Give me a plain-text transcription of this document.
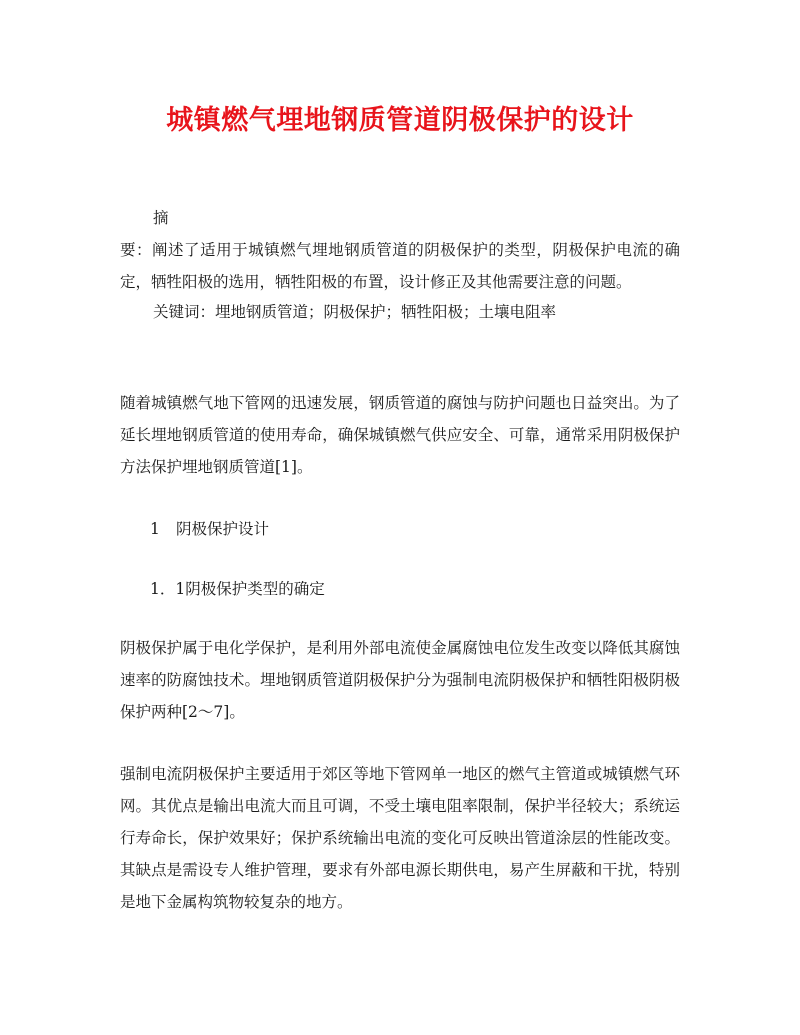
城镇燃气埋地钢质管道阴极保护的设计
摘
要：阐述了适用于城镇燃气埋地钢质管道的阴极保护的类型，阴极保护电流的确定，牺牲阳极的选用，牺牲阳极的布置，设计修正及其他需要注意的问题。
关键词：埋地钢质管道；阴极保护；牺牲阳极；土壤电阻率
随着城镇燃气地下管网的迅速发展，钢质管道的腐蚀与防护问题也日益突出。为了延长埋地钢质管道的使用寿命，确保城镇燃气供应安全、可靠，通常采用阴极保护方法保护埋地钢质管道[1]。
1 阴极保护设计
1．1阴极保护类型的确定
阴极保护属于电化学保护，是利用外部电流使金属腐蚀电位发生改变以降低其腐蚀速率的防腐蚀技术。埋地钢质管道阴极保护分为强制电流阴极保护和牺牲阳极阴极保护两种[2～7]。
强制电流阴极保护主要适用于郊区等地下管网单一地区的燃气主管道或城镇燃气环网。其优点是输出电流大而且可调，不受土壤电阻率限制，保护半径较大；系统运行寿命长，保护效果好；保护系统输出电流的变化可反映出管道涂层的性能改变。其缺点是需设专人维护管理，要求有外部电源长期供电，易产生屏蔽和干扰，特别是地下金属构筑物较复杂的地方。
